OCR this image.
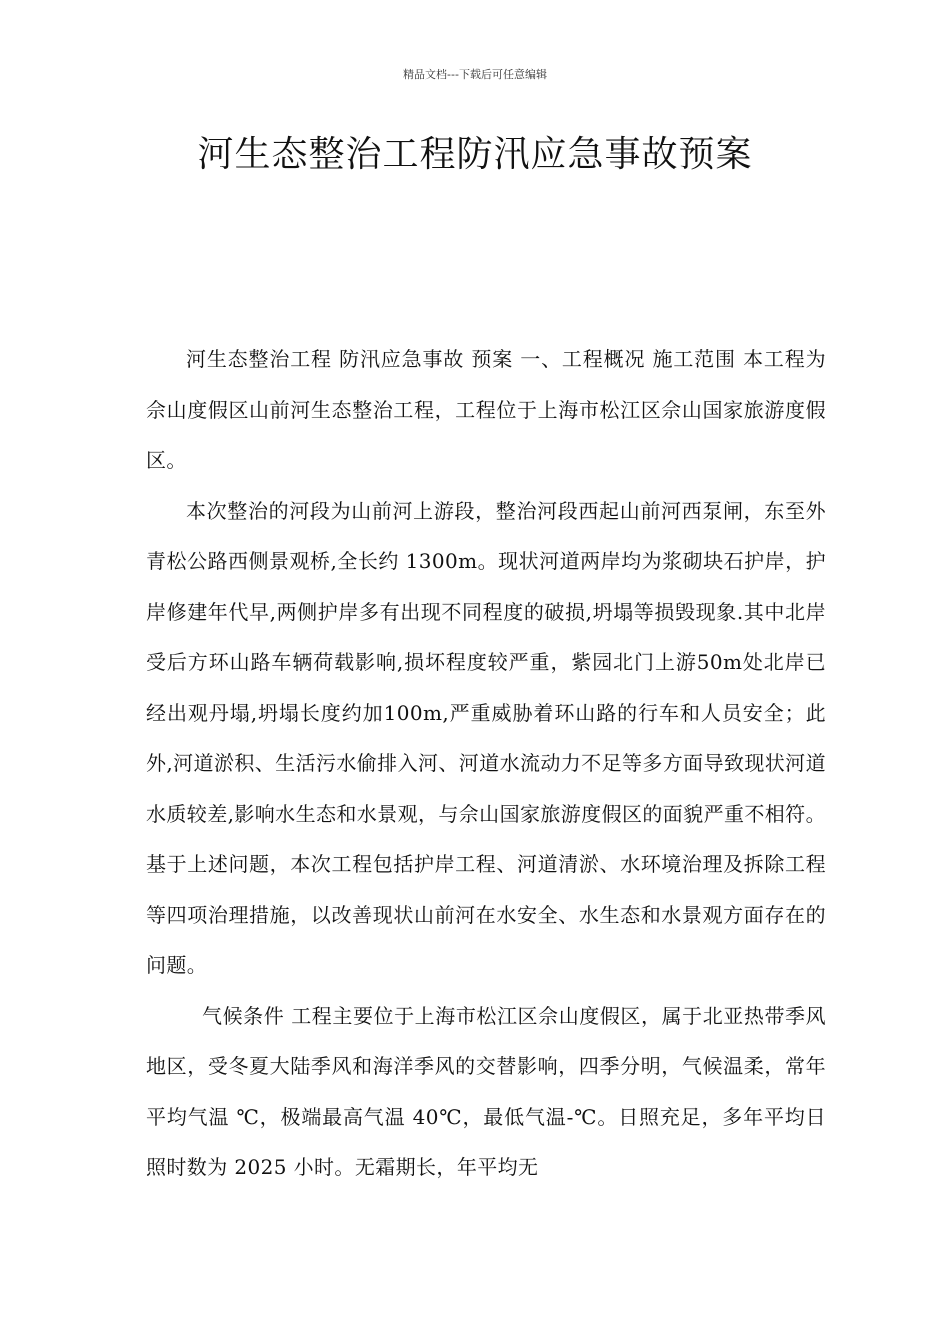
精品文档---下载后可任意编辑
河生态整治工程防汛应急事故预案

河生态整治工程 防汛应急事故 预案 一、工程概况 施工范围 本工程为佘山度假区山前河生态整治工程，工程位于上海市松江区佘山国家旅游度假区。

本次整治的河段为山前河上游段，整治河段西起山前河西泵闸，东至外青松公路西侧景观桥,全长约 1300m。现状河道两岸均为浆砌块石护岸，护岸修建年代早,两侧护岸多有出现不同程度的破损,坍塌等损毁现象.其中北岸受后方环山路车辆荷载影响,损坏程度较严重，紫园北门上游50m处北岸已经出观丹塌,坍塌长度约加100m,严重威胁着环山路的行车和人员安全；此外,河道淤积、生活污水偷排入河、河道水流动力不足等多方面导致现状河道水质较差,影响水生态和水景观，与佘山国家旅游度假区的面貌严重不相符。基于上述问题，本次工程包括护岸工程、河道清淤、水环境治理及拆除工程等四项治理措施，以改善现状山前河在水安全、水生态和水景观方面存在的问题。

气候条件 工程主要位于上海市松江区佘山度假区，属于北亚热带季风地区，受冬夏大陆季风和海洋季风的交替影响，四季分明，气候温柔，常年平均气温 ℃，极端最高气温 40℃，最低气温-℃。日照充足，多年平均日照时数为 2025 小时。无霜期长，年平均无
